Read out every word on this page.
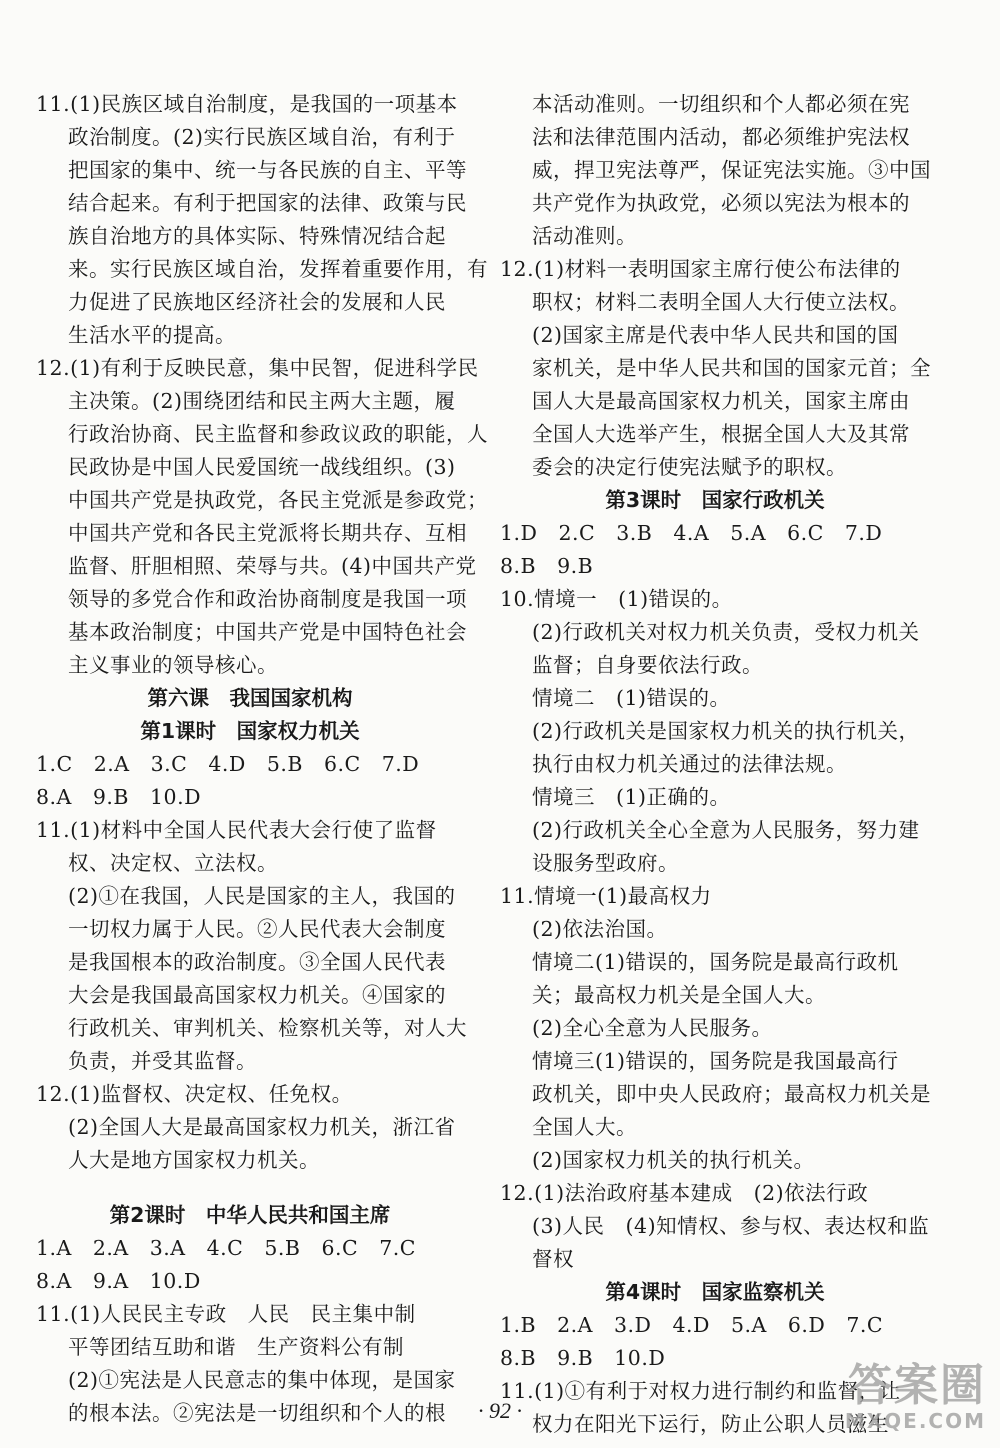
11.(1)民族区域自治制度，是我国的一项基本

政治制度。(2)实行民族区域自治，有利于

把国家的集中、统一与各民族的自主、平等

结合起来。有利于把国家的法律、政策与民

族自治地方的具体实际、特殊情况结合起

来。实行民族区域自治，发挥着重要作用，有

力促进了民族地区经济社会的发展和人民

生活水平的提高。

12.(1)有利于反映民意，集中民智，促进科学民

主决策。(2)围绕团结和民主两大主题，履

行政治协商、民主监督和参政议政的职能，人

民政协是中国人民爱国统一战线组织。(3)

中国共产党是执政党，各民主党派是参政党；

中国共产党和各民主党派将长期共存、互相

监督、肝胆相照、荣辱与共。(4)中国共产党

领导的多党合作和政治协商制度是我国一项

基本政治制度；中国共产党是中国特色社会

主义事业的领导核心。

第六课　我国国家机构

第1课时　国家权力机关

1.C　2.A　3.C　4.D　5.B　6.C　7.D

8.A　9.B　10.D

11.(1)材料中全国人民代表大会行使了监督

权、决定权、立法权。

(2)①在我国，人民是国家的主人，我国的

一切权力属于人民。②人民代表大会制度

是我国根本的政治制度。③全国人民代表

大会是我国最高国家权力机关。④国家的

行政机关、审判机关、检察机关等，对人大

负责，并受其监督。

12.(1)监督权、决定权、任免权。

(2)全国人大是最高国家权力机关，浙江省

人大是地方国家权力机关。

第2课时　中华人民共和国主席

1.A　2.A　3.A　4.C　5.B　6.C　7.C

8.A　9.A　10.D

11.(1)人民民主专政　人民　民主集中制

平等团结互助和谐　生产资料公有制

(2)①宪法是人民意志的集中体现，是国家

的根本法。②宪法是一切组织和个人的根

本活动准则。一切组织和个人都必须在宪

法和法律范围内活动，都必须维护宪法权

威，捍卫宪法尊严，保证宪法实施。③中国

共产党作为执政党，必须以宪法为根本的

活动准则。

12.(1)材料一表明国家主席行使公布法律的

职权；材料二表明全国人大行使立法权。

(2)国家主席是代表中华人民共和国的国

家机关，是中华人民共和国的国家元首；全

国人大是最高国家权力机关，国家主席由

全国人大选举产生，根据全国人大及其常

委会的决定行使宪法赋予的职权。

第3课时　国家行政机关

1.D　2.C　3.B　4.A　5.A　6.C　7.D

8.B　9.B

10.情境一　(1)错误的。

(2)行政机关对权力机关负责，受权力机关

监督；自身要依法行政。

情境二　(1)错误的。

(2)行政机关是国家权力机关的执行机关，

执行由权力机关通过的法律法规。

情境三　(1)正确的。

(2)行政机关全心全意为人民服务，努力建

设服务型政府。

11.情境一(1)最高权力

(2)依法治国。

情境二(1)错误的，国务院是最高行政机

关；最高权力机关是全国人大。

(2)全心全意为人民服务。

情境三(1)错误的，国务院是我国最高行

政机关，即中央人民政府；最高权力机关是

全国人大。

(2)国家权力机关的执行机关。

12.(1)法治政府基本建成　(2)依法行政

(3)人民　(4)知情权、参与权、表达权和监

督权

第4课时　国家监察机关

1.B　2.A　3.D　4.D　5.A　6.D　7.C

8.B　9.B　10.D

11.(1)①有利于对权力进行制约和监督，让

权力在阳光下运行，防止公职人员滋生

· 92 ·	答案圈
MXQE.COM
